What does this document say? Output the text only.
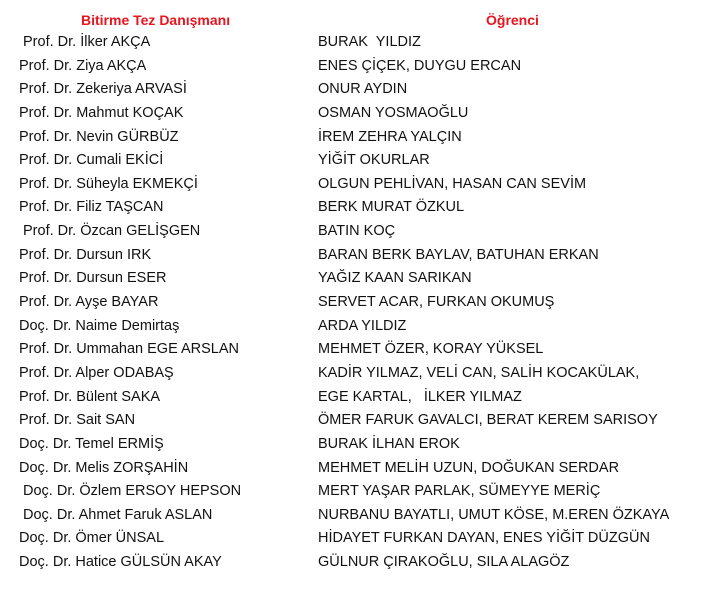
Bitirme Tez Danışmanı	Öğrenci
Prof. Dr. İlker AKÇA	BURAK  YILDIZ
Prof. Dr. Ziya AKÇA	ENES ÇİÇEK, DUYGU ERCAN
Prof. Dr. Zekeriya ARVASİ	ONUR AYDIN
Prof. Dr. Mahmut KOÇAK	OSMAN YOSMAOĞLU
Prof. Dr. Nevin GÜRBÜZ	İREM ZEHRA YALÇIN
Prof. Dr. Cumali EKİCİ	YİĞİT OKURLAR
Prof. Dr. Süheyla EKMEKÇİ	OLGUN PEHLİVAN, HASAN CAN SEVİM
Prof. Dr. Filiz TAŞCAN	BERK MURAT ÖZKUL
Prof. Dr. Özcan GELİŞGEN	BATIN KOÇ
Prof. Dr. Dursun IRK	BARAN BERK BAYLAV, BATUHAN ERKAN
Prof. Dr. Dursun ESER	YAĞIZ KAAN SARIKAN
Prof. Dr. Ayşe BAYAR	SERVET ACAR, FURKAN OKUMUŞ
Doç. Dr. Naime Demirtaş	ARDA YILDIZ
Prof. Dr. Ummahan EGE ARSLAN	MEHMET ÖZER, KORAY YÜKSEL
Prof. Dr. Alper ODABAŞ	KADİR YILMAZ, VELİ CAN, SALİH KOCAKÜLAK,
Prof. Dr. Bülent SAKA	EGE KARTAL,   İLKER YILMAZ
Prof. Dr. Sait SAN	ÖMER FARUK GAVALCI, BERAT KEREM SARISOY
Doç. Dr. Temel ERMİŞ	BURAK İLHAN EROK
Doç. Dr. Melis ZORŞAHİN	MEHMET MELİH UZUN, DOĞUKAN SERDAR
Doç. Dr. Özlem ERSOY HEPSON	MERT YAŞAR PARLAK, SÜMEYYE MERİÇ
Doç. Dr. Ahmet Faruk ASLAN	NURBANU BAYATLI, UMUT KÖSE, M.EREN ÖZKAYA
Doç. Dr. Ömer ÜNSAL	HİDAYET FURKAN DAYAN, ENES YİĞİT DÜZGÜN
Doç. Dr. Hatice GÜLSÜN AKAY	GÜLNUR ÇIRAKOĞLU, SILA ALAGÖZ
